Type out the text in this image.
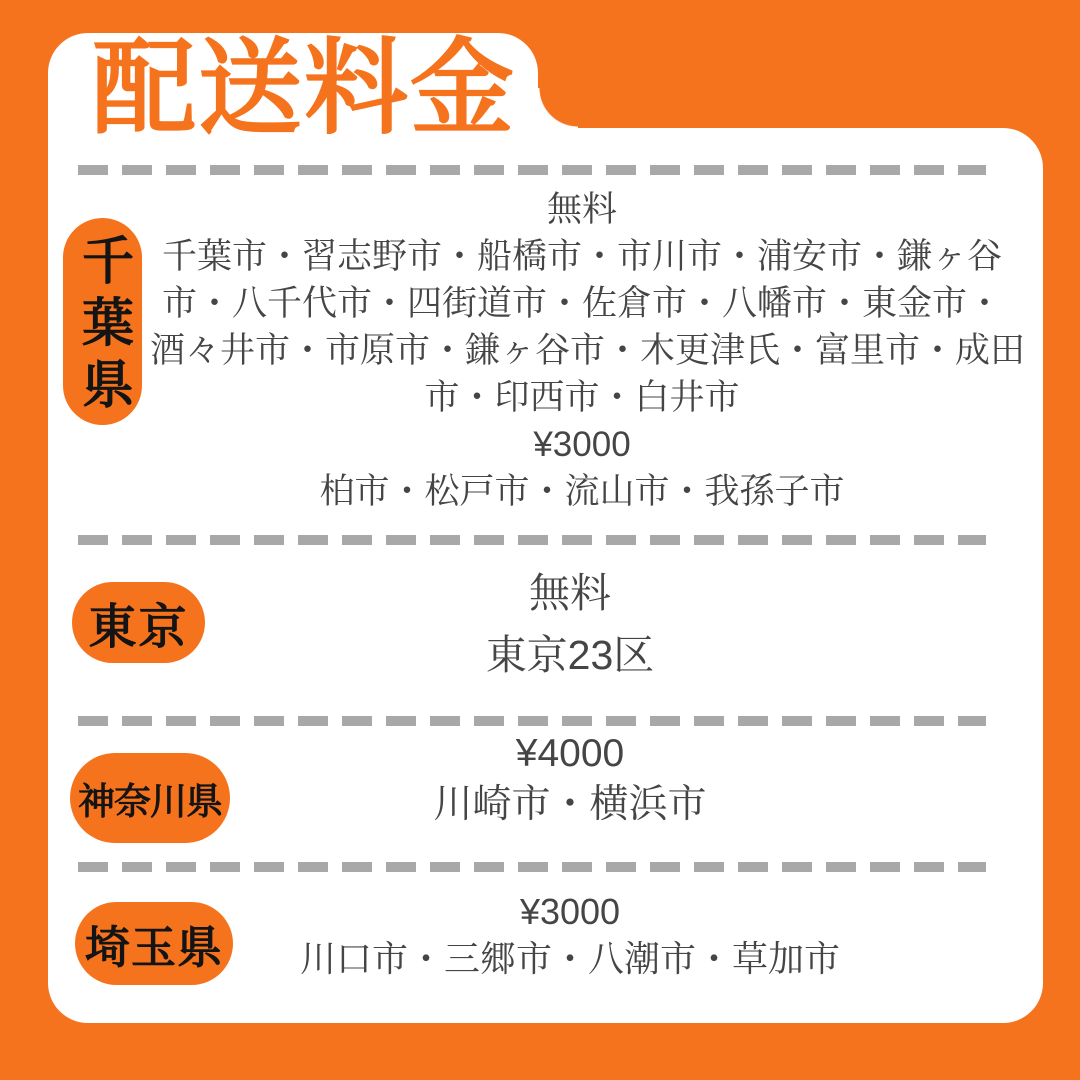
配送料金
千葉県
無料
千葉市・習志野市・船橋市・市川市・浦安市・鎌ヶ谷
市・八千代市・四街道市・佐倉市・八幡市・東金市・
酒々井市・市原市・鎌ヶ谷市・木更津氏・富里市・成田
市・印西市・白井市
¥3000
柏市・松戸市・流山市・我孫子市
東京
無料
東京23区
神奈川県
¥4000
川崎市・横浜市
埼玉県
¥3000
川口市・三郷市・八潮市・草加市
